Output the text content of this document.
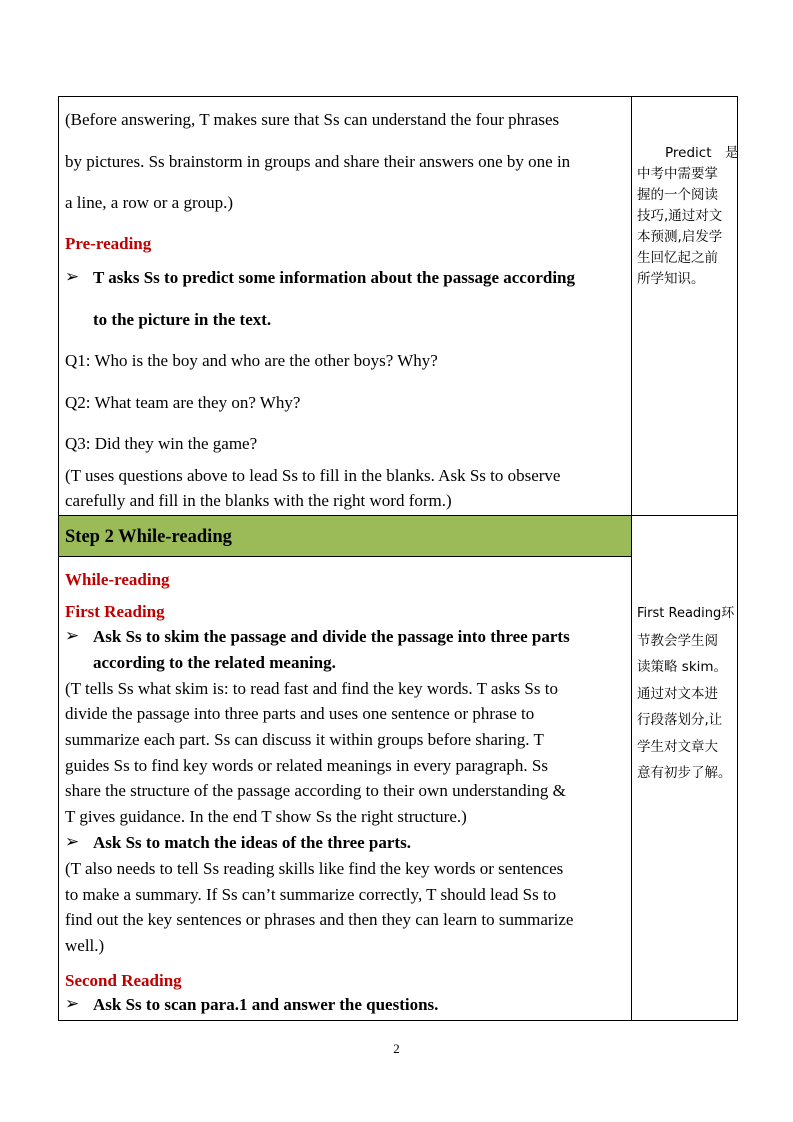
Step 2 While-reading
(Before answering, T makes sure that Ss can understand the four phrases
by pictures. Ss brainstorm in groups and share their answers one by one in
a line, a row or a group.)
Pre-reading
➢ T asks Ss to predict some information about the passage according
to the picture in the text.
Q1: Who is the boy and who are the other boys? Why?
Q2: What team are they on? Why?
Q3: Did they win the game?
(T uses questions above to lead Ss to fill in the blanks. Ask Ss to observe
carefully and fill in the blanks with the right word form.)
Predict　是
中考中需要掌
握的一个阅读
技巧,通过对文
本预测,启发学
生回忆起之前
所学知识。
While-reading
First Reading
➢ Ask Ss to skim the passage and divide the passage into three parts
according to the related meaning.
(T tells Ss what skim is: to read fast and find the key words. T asks Ss to
divide the passage into three parts and uses one sentence or phrase to
summarize each part. Ss can discuss it within groups before sharing. T
guides Ss to find key words or related meanings in every paragraph. Ss
share the structure of the passage according to their own understanding &
T gives guidance. In the end T show Ss the right structure.)
➢ Ask Ss to match the ideas of the three parts.
(T also needs to tell Ss reading skills like find the key words or sentences
to make a summary. If Ss can’t summarize correctly, T should lead Ss to
find out the key sentences or phrases and then they can learn to summarize
well.)
Second Reading
➢ Ask Ss to scan para.1 and answer the questions.
First Reading环
节教会学生阅
读策略 skim。
通过对文本进
行段落划分,让
学生对文章大
意有初步了解。
2
